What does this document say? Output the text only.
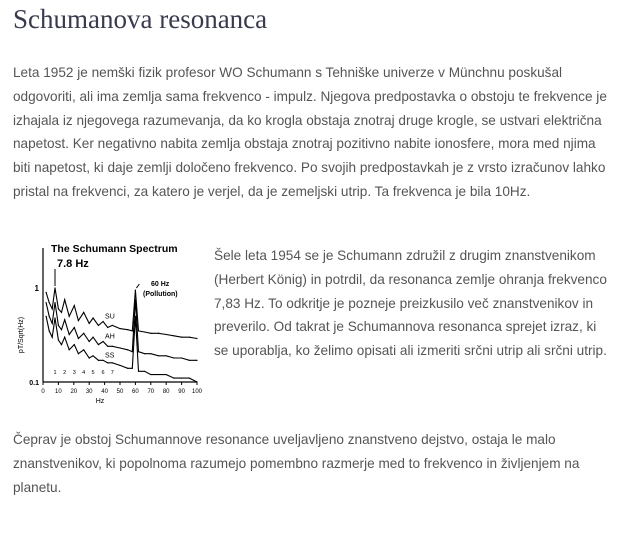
Schumanova resonanca

Leta 1952 je nemški fizik profesor WO Schumann s Tehniške univerze v Münchnu poskušal odgovoriti, ali ima zemlja sama frekvenco - impulz. Njegova predpostavka o obstoju te frekvence je izhajala iz njegovega razumevanja, da ko krogla obstaja znotraj druge krogle, se ustvari električna napetost. Ker negativno nabita zemlja obstaja znotraj pozitivno nabite ionosfere, mora med njima biti napetost, ki daje zemlji določeno frekvenco. Po svojih predpostavkah je z vrsto izračunov lahko pristal na frekvenci, za katero je verjel, da je zemeljski utrip. Ta frekvenca je bila 10Hz.

0 10 20 30 40 50 60 70 80 90 100
Hz
1
0.1
pT/Sqrt(Hz)	SU
AH
SS
1 2 3 4 5 6 7
The Schumann Spectrum
7.8 Hz
60 Hz
(Pollution)

Šele leta 1954 se je Schumann združil z drugim znanstvenikom (Herbert König) in potrdil, da resonanca zemlje ohranja frekvenco 7,83 Hz. To odkritje je pozneje preizkusilo več znanstvenikov in preverilo. Od takrat je Schumannova resonanca sprejet izraz, ki se uporablja, ko želimo opisati ali izmeriti srčni utrip ali srčni utrip.

Čeprav je obstoj Schumannove resonance uveljavljeno znanstveno dejstvo, ostaja le malo znanstvenikov, ki popolnoma razumejo pomembno razmerje med to frekvenco in življenjem na planetu.
